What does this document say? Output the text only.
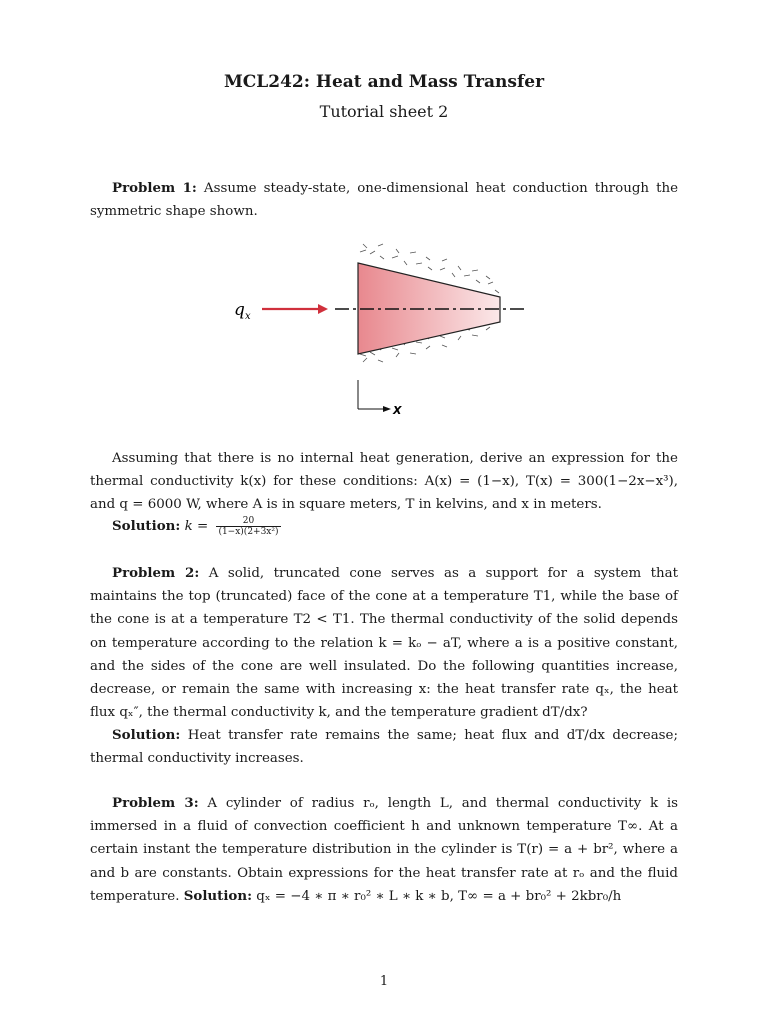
MCL242: Heat and Mass Transfer
Tutorial sheet 2
Problem 1: Assume steady-state, one-dimensional heat conduction through the symmetric shape shown.
q x
X
Assuming that there is no internal heat generation, derive an expression for the thermal conductivity k(x) for these conditions: A(x) = (1−x), T(x) = 300(1−2x−x³), and q = 6000 W, where A is in square meters, T in kelvins, and x in meters.
Solution: $k = \frac{20}{\text{(1−x)(2+3x²)}}$
Problem 2: A solid, truncated cone serves as a support for a system that maintains the top (truncated) face of the cone at a temperature T1, while the base of the cone is at a temperature T2 < T1. The thermal conductivity of the solid depends on temperature according to the relation k = kₒ − aT, where a is a positive constant, and the sides of the cone are well insulated. Do the following quantities increase, decrease, or remain the same with increasing x: the heat transfer rate qₓ, the heat flux qₓ″, the thermal conductivity k, and the temperature gradient dT/dx?
Solution: Heat transfer rate remains the same; heat flux and dT/dx decrease; thermal conductivity increases.
Problem 3: A cylinder of radius rₒ, length L, and thermal conductivity k is immersed in a fluid of convection coefficient h and unknown temperature T∞. At a certain instant the temperature distribution in the cylinder is T(r) = a + br², where a and b are constants. Obtain expressions for the heat transfer rate at rₒ and the fluid temperature. Solution: qₓ = −4 ∗ π ∗ r₀² ∗ L ∗ k ∗ b, T∞ = a + br₀² + 2kbr₀/h
1
